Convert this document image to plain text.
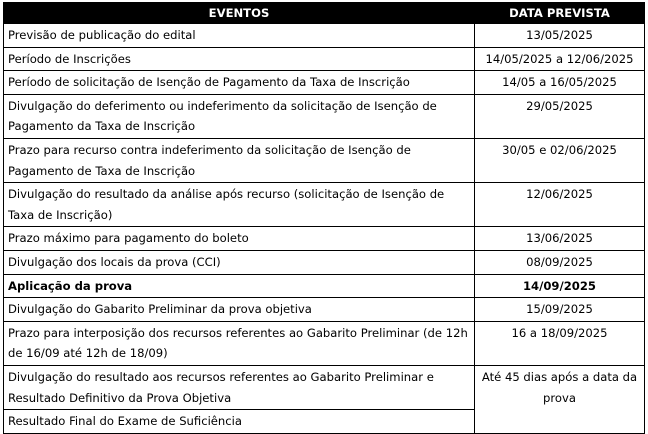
EVENTOS	DATA PREVISTA
Previsão de publicação do edital	13/05/2025
Período de Inscrições	14/05/2025 a 12/06/2025
Período de solicitação de Isenção de Pagamento da Taxa de Inscrição	14/05 a 16/05/2025
Divulgação do deferimento ou indeferimento da solicitação de Isenção de Pagamento da Taxa de Inscrição	29/05/2025
Prazo para recurso contra indeferimento da solicitação de Isenção de Pagamento de Taxa de Inscrição	30/05 e 02/06/2025
Divulgação do resultado da análise após recurso (solicitação de Isenção de Taxa de Inscrição)	12/06/2025
Prazo máximo para pagamento do boleto	13/06/2025
Divulgação dos locais da prova (CCI)	08/09/2025
Aplicação da prova	14/09/2025
Divulgação do Gabarito Preliminar da prova objetiva	15/09/2025
Prazo para interposição dos recursos referentes ao Gabarito Preliminar (de 12h de 16/09 até 12h de 18/09)	16 a 18/09/2025
Divulgação do resultado aos recursos referentes ao Gabarito Preliminar e Resultado Definitivo da Prova Objetiva	Até 45 dias após a data da prova
Resultado Final do Exame de Suficiência	
